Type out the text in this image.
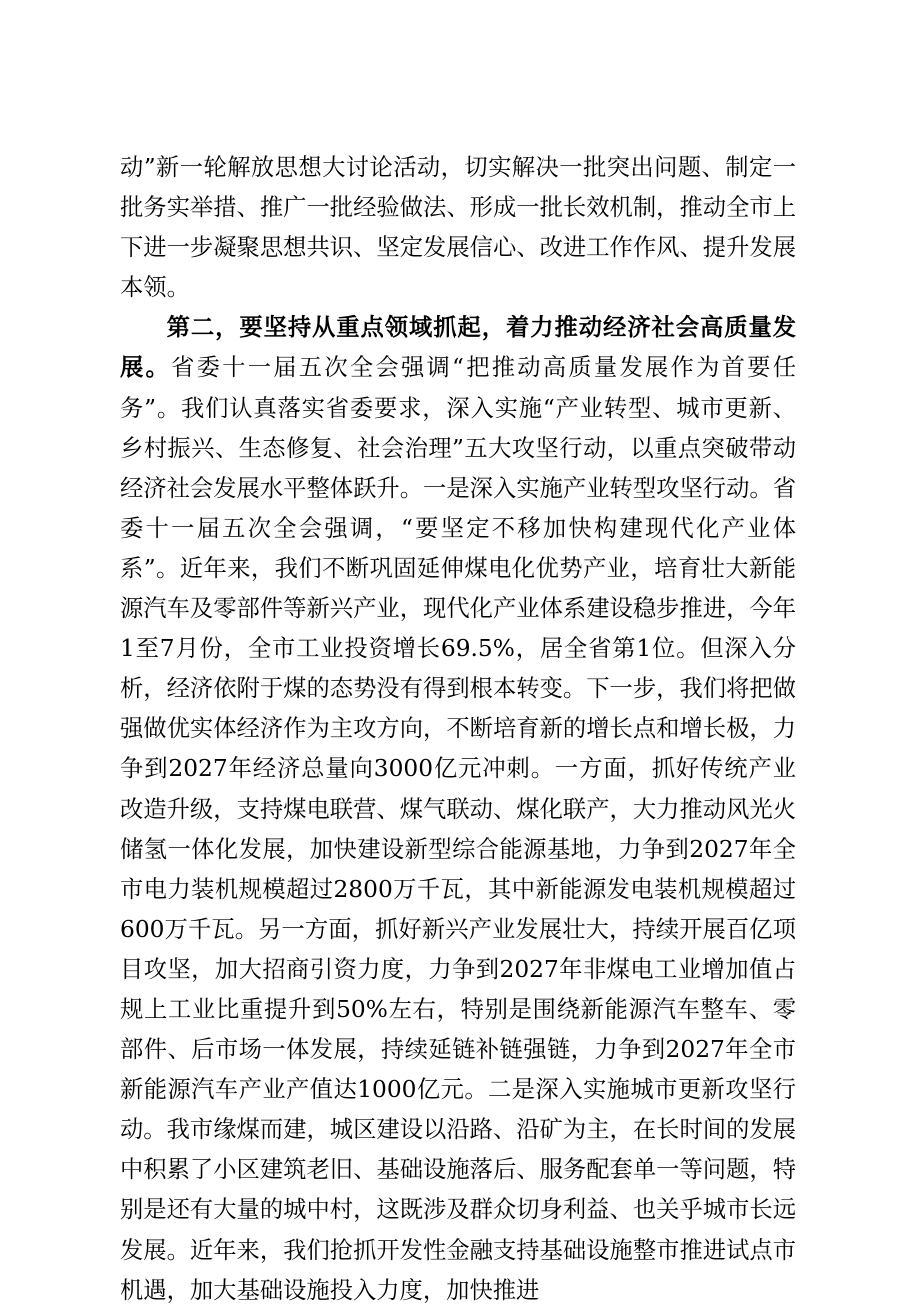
动”新一轮解放思想大讨论活动，切实解决一批突出问题、制定一批务实举措、推广一批经验做法、形成一批长效机制，推动全市上下进一步凝聚思想共识、坚定发展信心、改进工作作风、提升发展本领。

第二，要坚持从重点领域抓起，着力推动经济社会高质量发展。省委十一届五次全会强调“把推动高质量发展作为首要任务”。我们认真落实省委要求，深入实施“产业转型、城市更新、乡村振兴、生态修复、社会治理”五大攻坚行动，以重点突破带动经济社会发展水平整体跃升。一是深入实施产业转型攻坚行动。省委十一届五次全会强调，“要坚定不移加快构建现代化产业体系”。近年来，我们不断巩固延伸煤电化优势产业，培育壮大新能源汽车及零部件等新兴产业，现代化产业体系建设稳步推进，今年1至7月份，全市工业投资增长69.5%，居全省第1位。但深入分析，经济依附于煤的态势没有得到根本转变。下一步，我们将把做强做优实体经济作为主攻方向，不断培育新的增长点和增长极，力争到2027年经济总量向3000亿元冲刺。一方面，抓好传统产业改造升级，支持煤电联营、煤气联动、煤化联产，大力推动风光火储氢一体化发展，加快建设新型综合能源基地，力争到2027年全市电力装机规模超过2800万千瓦，其中新能源发电装机规模超过600万千瓦。另一方面，抓好新兴产业发展壮大，持续开展百亿项目攻坚，加大招商引资力度，力争到2027年非煤电工业增加值占规上工业比重提升到50%左右，特别是围绕新能源汽车整车、零部件、后市场一体发展，持续延链补链强链，力争到2027年全市新能源汽车产业产值达1000亿元。二是深入实施城市更新攻坚行动。我市缘煤而建，城区建设以沿路、沿矿为主，在长时间的发展中积累了小区建筑老旧、基础设施落后、服务配套单一等问题，特别是还有大量的城中村，这既涉及群众切身利益、也关乎城市长远发展。近年来，我们抢抓开发性金融支持基础设施整市推进试点市机遇，加大基础设施投入力度，加快推进
